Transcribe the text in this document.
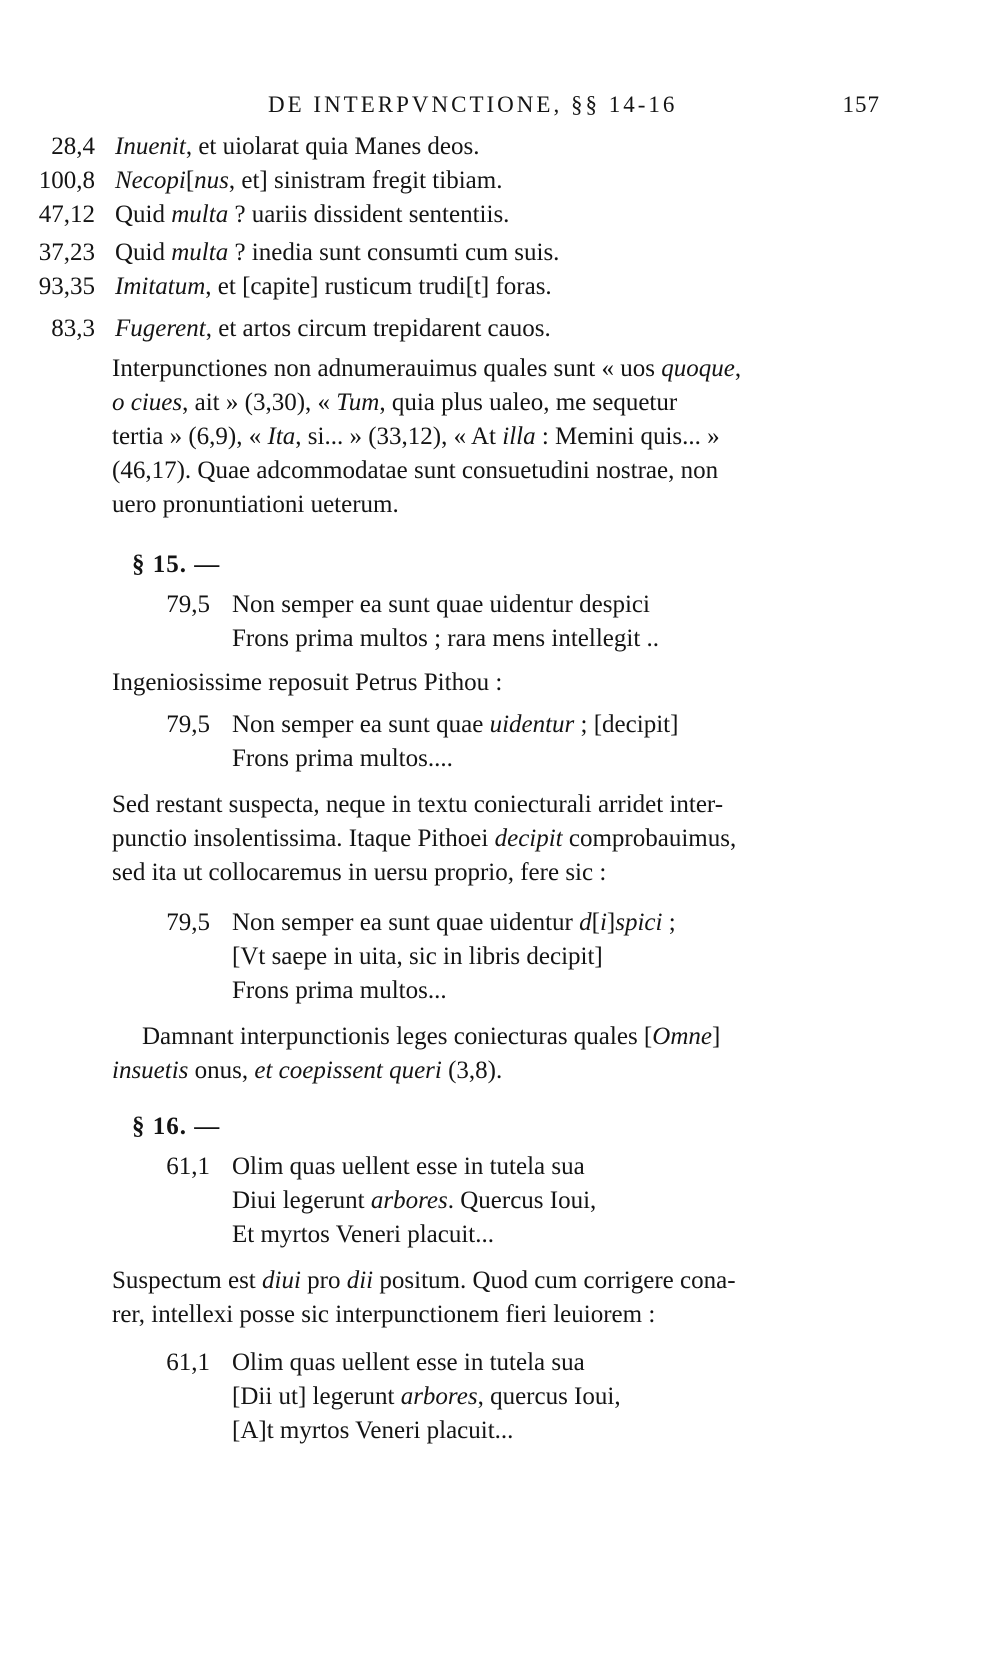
DE INTERPVNCTIONE, §§ 14-16	157
28,4 Inuenit, et uiolarat quia Manes deos.
100,8 Necopi[nus, et] sinistram fregit tibiam.
47,12 Quid multa ? uariis dissident sententiis.
37,23 Quid multa ? inedia sunt consumti cum suis.
93,35 Imitatum, et [capite] rusticum trudi[t] foras.
83,3 Fugerent, et artos circum trepidarent cauos.
Interpunctiones non adnumerauimus quales sunt « uos quoque,
o ciues, ait » (3,30), « Tum, quia plus ualeo, me sequetur
tertia » (6,9), « Ita, si... » (33,12), « At illa : Memini quis... »
(46,17). Quae adcommodatae sunt consuetudini nostrae, non
uero pronuntiationi ueterum.
§ 15. —
79,5 Non semper ea sunt quae uidentur despici
Frons prima multos ; rara mens intellegit ..
Ingeniosissime reposuit Petrus Pithou :
79,5 Non semper ea sunt quae uidentur ; [decipit]
Frons prima multos....
Sed restant suspecta, neque in textu coniecturali arridet inter-
punctio insolentissima. Itaque Pithoei decipit comprobauimus,
sed ita ut collocaremus in uersu proprio, fere sic :
79,5 Non semper ea sunt quae uidentur d[i]spici ;
[Vt saepe in uita, sic in libris decipit]
Frons prima multos...
Damnant interpunctionis leges coniecturas quales [Omne]
insuetis onus, et coepissent queri (3,8).
§ 16. —
61,1 Olim quas uellent esse in tutela sua
Diui legerunt arbores. Quercus Ioui,
Et myrtos Veneri placuit...
Suspectum est diui pro dii positum. Quod cum corrigere cona-
rer, intellexi posse sic interpunctionem fieri leuiorem :
61,1 Olim quas uellent esse in tutela sua
[Dii ut] legerunt arbores, quercus Ioui,
[A]t myrtos Veneri placuit...
